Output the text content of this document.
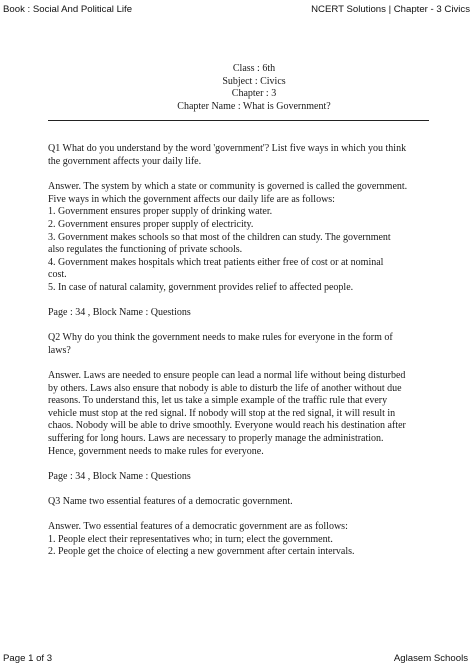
Book : Social And Political Life	NCERT Solutions | Chapter - 3 Civics
Class : 6th
Subject : Civics
Chapter : 3
Chapter Name : What is Government?
Q1 What do you understand by the word 'government'? List five ways in which you think
the government affects your daily life.
Answer. The system by which a state or community is governed is called the government.
Five ways in which the government affects our daily life are as follows:
1. Government ensures proper supply of drinking water.
2. Government ensures proper supply of electricity.
3. Government makes schools so that most of the children can study. The government
also regulates the functioning of private schools.
4. Government makes hospitals which treat patients either free of cost or at nominal
cost.
5. In case of natural calamity, government provides relief to affected people.
Page : 34 , Block Name : Questions
Q2 Why do you think the government needs to make rules for everyone in the form of
laws?
Answer. Laws are needed to ensure people can lead a normal life without being disturbed
by others. Laws also ensure that nobody is able to disturb the life of another without due
reasons. To understand this, let us take a simple example of the traffic rule that every
vehicle must stop at the red signal. If nobody will stop at the red signal, it will result in
chaos. Nobody will be able to drive smoothly. Everyone would reach his destination after
suffering for long hours. Laws are necessary to properly manage the administration.
Hence, government needs to make rules for everyone.
Page : 34 , Block Name : Questions
Q3 Name two essential features of a democratic government.
Answer. Two essential features of a democratic government are as follows:
1. People elect their representatives who; in turn; elect the government.
2. People get the choice of electing a new government after certain intervals.
Page 1 of 3	Aglasem Schools
